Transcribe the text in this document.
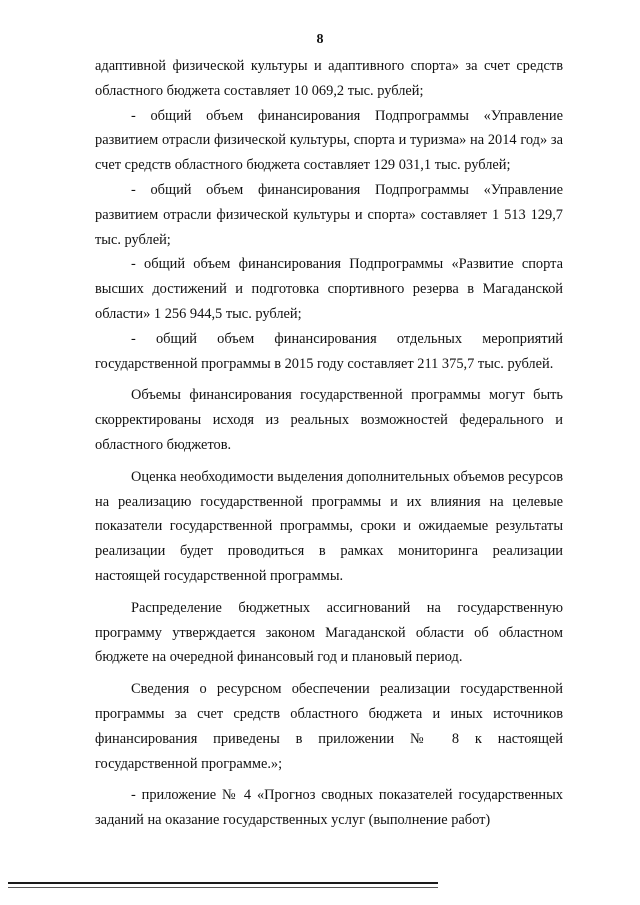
8

адаптивной физической культуры и адаптивного спорта» за счет средств областного бюджета составляет 10 069,2 тыс. рублей;

- общий объем финансирования Подпрограммы «Управление развитием отрасли физической культуры, спорта и туризма» на 2014 год» за счет средств областного бюджета составляет 129 031,1 тыс. рублей;

- общий объем финансирования Подпрограммы «Управление развитием отрасли физической культуры и спорта» составляет 1 513 129,7 тыс. рублей;

- общий объем финансирования Подпрограммы «Развитие спорта высших достижений и подготовка спортивного резерва в Магаданской области» 1 256 944,5 тыс. рублей;

- общий объем финансирования отдельных мероприятий государственной программы в 2015 году составляет 211 375,7 тыс. рублей.

Объемы финансирования государственной программы могут быть скорректированы исходя из реальных возможностей федерального и областного бюджетов.

Оценка необходимости выделения дополнительных объемов ресурсов на реализацию государственной программы и их влияния на целевые показатели государственной программы, сроки и ожидаемые результаты реализации будет проводиться в рамках мониторинга реализации настоящей государственной программы.

Распределение бюджетных ассигнований на государственную программу утверждается законом Магаданской области об областном бюджете на очередной финансовый год и плановый период.

Сведения о ресурсном обеспечении реализации государственной программы за счет средств областного бюджета и иных источников финансирования приведены в приложении № 8 к настоящей государственной программе.»;

- приложение № 4 «Прогноз сводных показателей государственных заданий на оказание государственных услуг (выполнение работ)
